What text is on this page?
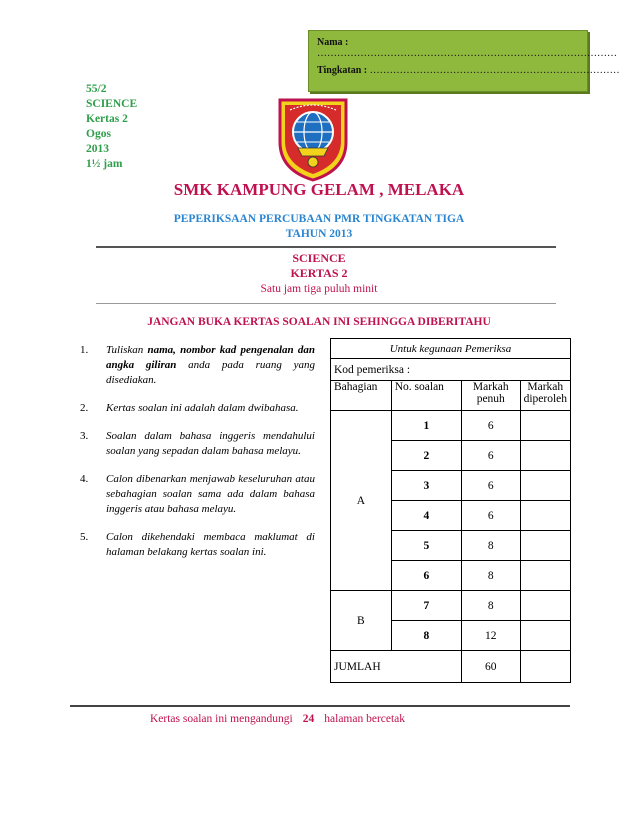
Nama :
………………………………………………………………………………
Tingkatan : …………………………………………………………………
55/2
SCIENCE
Kertas 2
Ogos
2013
1½ jam
SMK KAMPUNG GELAM , MELAKA
PEPERIKSAAN PERCUBAAN PMR TINGKATAN TIGA
TAHUN 2013
SCIENCE
KERTAS 2
Satu jam tiga puluh minit
JANGAN BUKA KERTAS SOALAN INI SEHINGGA DIBERITAHU
1. Tuliskan nama, nombor kad pengenalan dan angka giliran anda pada ruang yang disediakan.
2. Kertas soalan ini adalah dalam dwibahasa.
3. Soalan dalam bahasa inggeris mendahului soalan yang sepadan dalam bahasa melayu.
4. Calon dibenarkan menjawab keseluruhan atau sebahagian soalan sama ada dalam bahasa inggeris atau bahasa melayu.
5. Calon dikehendaki membaca maklumat di halaman belakang kertas soalan ini.
Untuk kegunaan Pemeriksa			
Kod pemeriksa :			
Bahagian	No. soalan	Markah penuh	Markah diperoleh
A	1	6	
	2	6	
	3	6	
	4	6	
	5	8	
	6	8	
B	7	8	
	8	12	
JUMLAH		60	
Kertas soalan ini mengandungi 24 halaman bercetak
